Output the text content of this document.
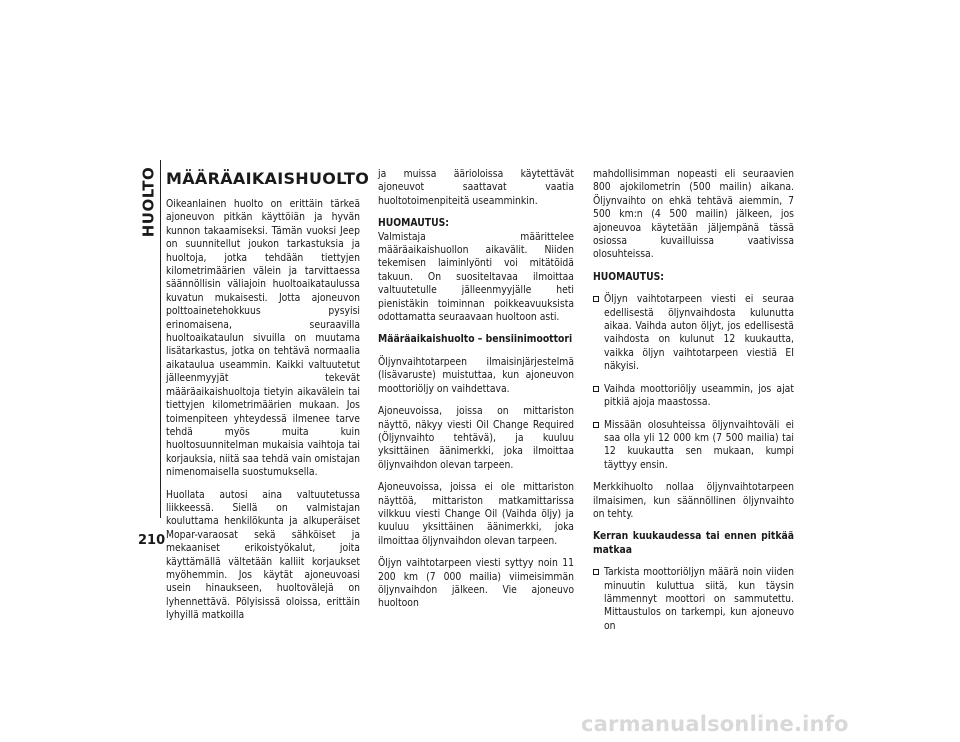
HUOLTO
210
MÄÄRÄAIKAISHUOLTO

Oikeanlainen huolto on erittäin tärkeä ajoneuvon pitkän käyttöiän ja hyvän kunnon takaamiseksi. Tämän vuoksi Jeep on suunnitellut joukon tarkastuksia ja huoltoja, jotka tehdään tiettyjen kilometrimäärien välein ja tarvittaessa säännöllisin väliajoin huoltoaikataulussa kuvatun mukaisesti. Jotta ajoneuvon polttoainetehokkuus pysyisi erinomaisena, seuraavilla huoltoaikataulun sivuilla on muutama lisätarkastus, jotka on tehtävä normaalia aikataulua useammin. Kaikki valtuutetut jälleenmyyjät tekevät määräaikaishuoltoja tietyin aikavälein tai tiettyjen kilometrimäärien mukaan. Jos toimenpiteen yhteydessä ilmenee tarve tehdä myös muita kuin huoltosuunnitelman mukaisia vaihtoja tai korjauksia, niitä saa tehdä vain omistajan nimenomaisella suostumuksella.

Huollata autosi aina valtuutetussa liikkeessä. Siellä on valmistajan kouluttama henkilökunta ja alkuperäiset Mopar-varaosat sekä sähköiset ja mekaaniset erikoistyökalut, joita käyttämällä vältetään kalliit korjaukset myöhemmin. Jos käytät ajoneuvoasi usein hinaukseen, huoltovälejä on lyhennettävä. Pölyisissä oloissa, erittäin lyhyillä matkoilla

ja muissa äärioloissa käytettävät ajoneuvot saattavat vaatia huoltotoimenpiteitä useamminkin.

HUOMAUTUS:

Valmistaja määrittelee määräaikaishuollon aikavälit. Niiden tekemisen laiminlyönti voi mitätöidä takuun. On suositeltavaa ilmoittaa valtuutetulle jälleenmyyjälle heti pienistäkin toiminnan poikkeavuuksista odottamatta seuraavaan huoltoon asti.

Määräaikaishuolto – bensiinimoottori

Öljynvaihtotarpeen ilmaisinjärjestelmä (lisävaruste) muistuttaa, kun ajoneuvon moottoriöljy on vaihdettava.

Ajoneuvoissa, joissa on mittariston näyttö, näkyy viesti Oil Change Required (Öljynvaihto tehtävä), ja kuuluu yksittäinen äänimerkki, joka ilmoittaa öljynvaihdon olevan tarpeen.

Ajoneuvoissa, joissa ei ole mittariston näyttöä, mittariston matkamittarissa vilkkuu viesti Change Oil (Vaihda öljy) ja kuuluu yksittäinen äänimerkki, joka ilmoittaa öljynvaihdon olevan tarpeen.

Öljyn vaihtotarpeen viesti syttyy noin 11 200 km (7 000 mailia) viimeisimmän öljynvaihdon jälkeen. Vie ajoneuvo huoltoon

mahdollisimman nopeasti eli seuraavien 800 ajokilometrin (500 mailin) aikana. Öljynvaihto on ehkä tehtävä aiemmin, 7 500 km:n (4 500 mailin) jälkeen, jos ajoneuvoa käytetään jäljempänä tässä osiossa kuvailluissa vaativissa olosuhteissa.

HUOMAUTUS:
Öljyn vaihtotarpeen viesti ei seuraa edellisestä öljynvaihdosta kulunutta aikaa. Vaihda auton öljyt, jos edellisestä vaihdosta on kulunut 12 kuukautta, vaikka öljyn vaihtotarpeen viestiä EI näkyisi.
Vaihda moottoriöljy useammin, jos ajat pitkiä ajoja maastossa.
Missään olosuhteissa öljynvaihtoväli ei saa olla yli 12 000 km (7 500 mailia) tai 12 kuukautta sen mukaan, kumpi täyttyy ensin.

Merkkihuolto nollaa öljynvaihtotarpeen ilmaisimen, kun säännöllinen öljynvaihto on tehty.

Kerran kuukaudessa tai ennen pitkää matkaa
Tarkista moottoriöljyn määrä noin viiden minuutin kuluttua siitä, kun täysin lämmennyt moottori on sammutettu. Mittaustulos on tarkempi, kun ajoneuvo on
carmanualsonline.info
